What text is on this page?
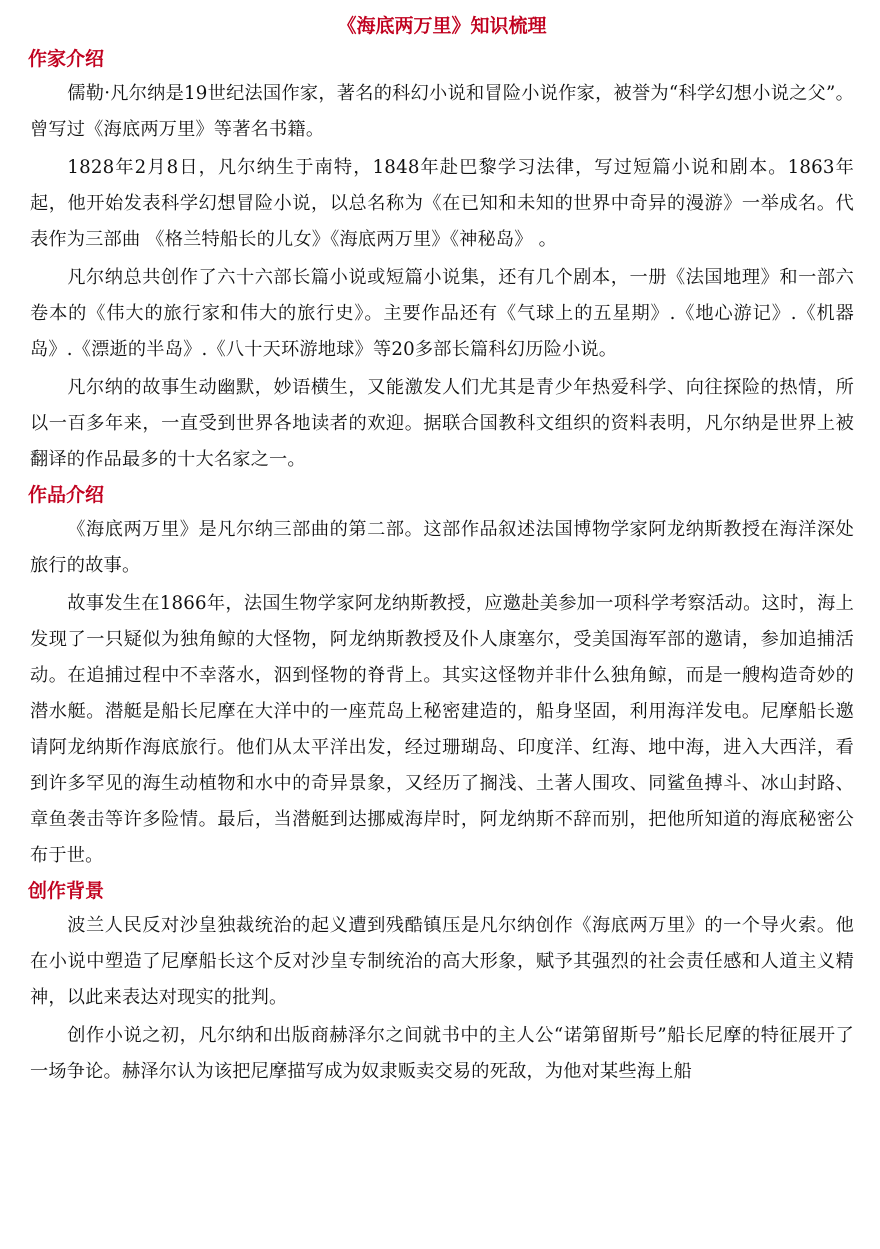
《海底两万里》知识梳理
作家介绍

儒勒·凡尔纳是19世纪法国作家，著名的科幻小说和冒险小说作家，被誉为“科学幻想小说之父”。曾写过《海底两万里》等著名书籍。

1828年2月8日，凡尔纳生于南特，1848年赴巴黎学习法律，写过短篇小说和剧本。1863年起，他开始发表科学幻想冒险小说，以总名称为《在已知和未知的世界中奇异的漫游》一举成名。代表作为三部曲 《格兰特船长的儿女》《海底两万里》《神秘岛》 。

凡尔纳总共创作了六十六部长篇小说或短篇小说集，还有几个剧本，一册《法国地理》和一部六卷本的《伟大的旅行家和伟大的旅行史》。主要作品还有《气球上的五星期》.《地心游记》.《机器岛》.《漂逝的半岛》.《八十天环游地球》等20多部长篇科幻历险小说。

凡尔纳的故事生动幽默，妙语横生，又能激发人们尤其是青少年热爱科学、向往探险的热情，所以一百多年来，一直受到世界各地读者的欢迎。据联合国教科文组织的资料表明，凡尔纳是世界上被翻译的作品最多的十大名家之一。

作品介绍

《海底两万里》是凡尔纳三部曲的第二部。这部作品叙述法国博物学家阿龙纳斯教授在海洋深处旅行的故事。

故事发生在1866年，法国生物学家阿龙纳斯教授，应邀赴美参加一项科学考察活动。这时，海上发现了一只疑似为独角鲸的大怪物，阿龙纳斯教授及仆人康塞尔，受美国海军部的邀请，参加追捕活动。在追捕过程中不幸落水，泅到怪物的脊背上。其实这怪物并非什么独角鲸，而是一艘构造奇妙的潜水艇。潜艇是船长尼摩在大洋中的一座荒岛上秘密建造的，船身坚固，利用海洋发电。尼摩船长邀请阿龙纳斯作海底旅行。他们从太平洋出发，经过珊瑚岛、印度洋、红海、地中海，进入大西洋，看到许多罕见的海生动植物和水中的奇异景象，又经历了搁浅、土著人围攻、同鲨鱼搏斗、冰山封路、章鱼袭击等许多险情。最后，当潜艇到达挪威海岸时，阿龙纳斯不辞而别，把他所知道的海底秘密公布于世。

创作背景

波兰人民反对沙皇独裁统治的起义遭到残酷镇压是凡尔纳创作《海底两万里》的一个导火索。他在小说中塑造了尼摩船长这个反对沙皇专制统治的高大形象，赋予其强烈的社会责任感和人道主义精神，以此来表达对现实的批判。

创作小说之初，凡尔纳和出版商赫泽尔之间就书中的主人公“诺第留斯号”船长尼摩的特征展开了一场争论。赫泽尔认为该把尼摩描写成为奴隶贩卖交易的死敌，为他对某些海上船
